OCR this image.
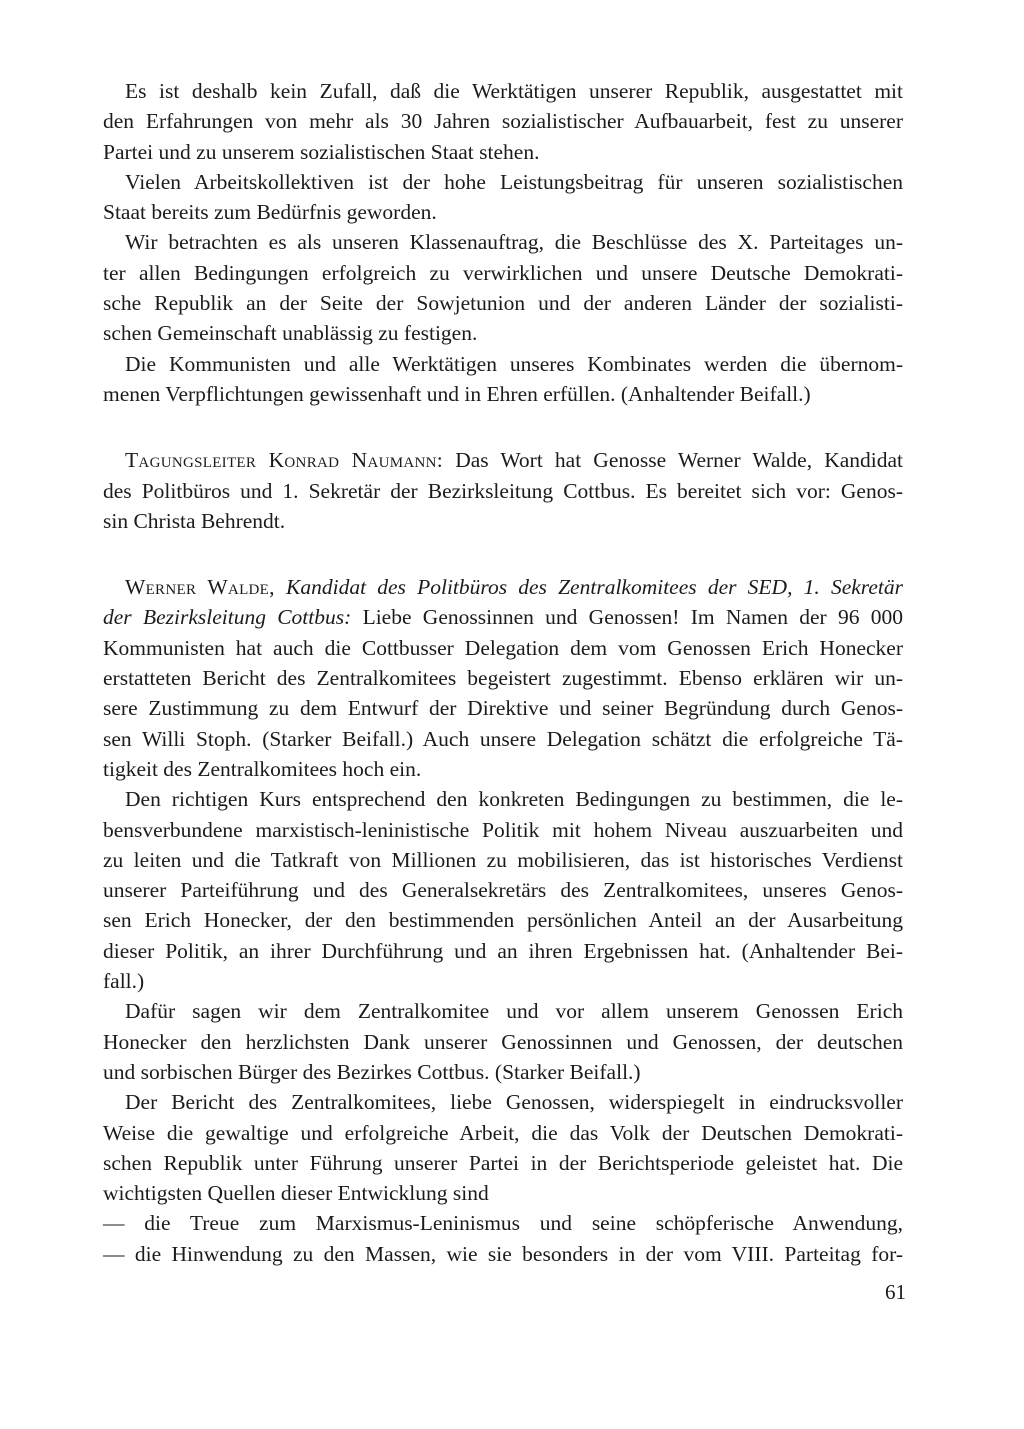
Es ist deshalb kein Zufall, daß die Werktätigen unserer Republik, ausgestattet mit
den Erfahrungen von mehr als 30 Jahren sozialistischer Aufbauarbeit, fest zu unserer
Partei und zu unserem sozialistischen Staat stehen.
Vielen Arbeitskollektiven ist der hohe Leistungsbeitrag für unseren sozialistischen
Staat bereits zum Bedürfnis geworden.
Wir betrachten es als unseren Klassenauftrag, die Beschlüsse des X. Parteitages un-
ter allen Bedingungen erfolgreich zu verwirklichen und unsere Deutsche Demokrati-
sche Republik an der Seite der Sowjetunion und der anderen Länder der sozialisti-
schen Gemeinschaft unablässig zu festigen.
Die Kommunisten und alle Werktätigen unseres Kombinates werden die übernom-
menen Verpflichtungen gewissenhaft und in Ehren erfüllen. (Anhaltender Beifall.)
Tagungsleiter Konrad Naumann: Das Wort hat Genosse Werner Walde, Kandidat
des Politbüros und 1. Sekretär der Bezirksleitung Cottbus. Es bereitet sich vor: Genos-
sin Christa Behrendt.
Werner Walde, Kandidat des Politbüros des Zentralkomitees der SED, 1. Sekretär
der Bezirksleitung Cottbus: Liebe Genossinnen und Genossen! Im Namen der 96 000
Kommunisten hat auch die Cottbusser Delegation dem vom Genossen Erich Honecker
erstatteten Bericht des Zentralkomitees begeistert zugestimmt. Ebenso erklären wir un-
sere Zustimmung zu dem Entwurf der Direktive und seiner Begründung durch Genos-
sen Willi Stoph. (Starker Beifall.) Auch unsere Delegation schätzt die erfolgreiche Tä-
tigkeit des Zentralkomitees hoch ein.
Den richtigen Kurs entsprechend den konkreten Bedingungen zu bestimmen, die le-
bensverbundene marxistisch-leninistische Politik mit hohem Niveau auszuarbeiten und
zu leiten und die Tatkraft von Millionen zu mobilisieren, das ist historisches Verdienst
unserer Parteiführung und des Generalsekretärs des Zentralkomitees, unseres Genos-
sen Erich Honecker, der den bestimmenden persönlichen Anteil an der Ausarbeitung
dieser Politik, an ihrer Durchführung und an ihren Ergebnissen hat. (Anhaltender Bei-
fall.)
Dafür sagen wir dem Zentralkomitee und vor allem unserem Genossen Erich
Honecker den herzlichsten Dank unserer Genossinnen und Genossen, der deutschen
und sorbischen Bürger des Bezirkes Cottbus. (Starker Beifall.)
Der Bericht des Zentralkomitees, liebe Genossen, widerspiegelt in eindrucksvoller
Weise die gewaltige und erfolgreiche Arbeit, die das Volk der Deutschen Demokrati-
schen Republik unter Führung unserer Partei in der Berichtsperiode geleistet hat. Die
wichtigsten Quellen dieser Entwicklung sind
— die Treue zum Marxismus-Leninismus und seine schöpferische Anwendung,
— die Hinwendung zu den Massen, wie sie besonders in der vom VIII. Parteitag for-
61
